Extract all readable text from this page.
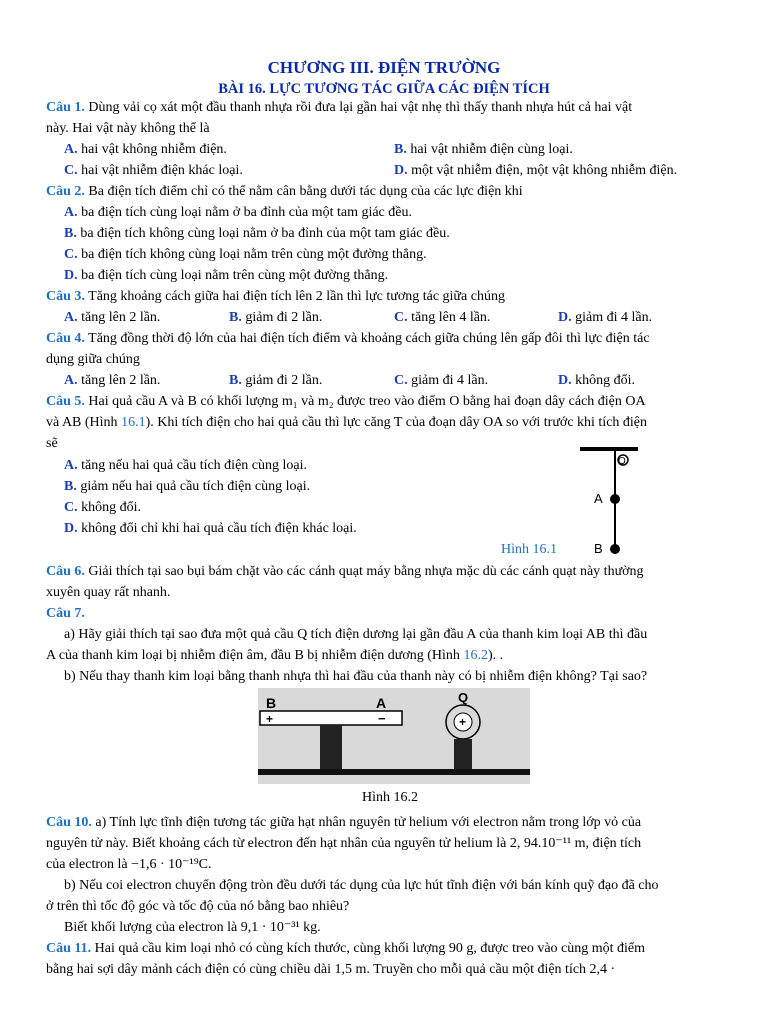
CHƯƠNG III. ĐIỆN TRƯỜNG
BÀI 16. LỰC TƯƠNG TÁC GIỮA CÁC ĐIỆN TÍCH
Câu 1. Dùng vải cọ xát một đầu thanh nhựa rồi đưa lại gần hai vật nhẹ thì thấy thanh nhựa hút cả hai vật
này. Hai vật này không thể là
A. hai vật không nhiễm điện.	B. hai vật nhiễm điện cùng loại.
C. hai vật nhiễm điện khác loại.	D. một vật nhiễm điện, một vật không nhiễm điện.
Câu 2. Ba điện tích điểm chỉ có thể nằm cân bằng dưới tác dụng của các lực điện khi
A. ba điện tích cùng loại nằm ở ba đỉnh của một tam giác đều.
B. ba điện tích không cùng loại nằm ở ba đỉnh của một tam giác đều.
C. ba điện tích không cùng loại nằm trên cùng một đường thẳng.
D. ba điện tích cùng loại nằm trên cùng một đường thẳng.
Câu 3. Tăng khoảng cách giữa hai điện tích lên 2 lần thì lực tương tác giữa chúng
A. tăng lên 2 lần.	B. giảm đi 2 lần.	C. tăng lên 4 lần.	D. giảm đi 4 lần.
Câu 4. Tăng đồng thời độ lớn của hai điện tích điểm và khoảng cách giữa chúng lên gấp đôi thì lực điện tác
dụng giữa chúng
A. tăng lên 2 lần.	B. giảm đi 2 lần.	C. giảm đi 4 lần.	D. không đổi.
Câu 5. Hai quả cầu A và B có khối lượng m₁ và m₂ được treo vào điểm O bằng hai đoạn dây cách điện OA
và AB (Hình 16.1). Khi tích điện cho hai quả cầu thì lực căng T của đoạn dây OA so với trước khi tích điện
sẽ
A. tăng nếu hai quả cầu tích điện cùng loại.
B. giảm nếu hai quả cầu tích điện cùng loại.
C. không đổi.
D. không đổi chỉ khi hai quả cầu tích điện khác loại.
O
A
B
Hình 16.1
Câu 6. Giải thích tại sao bụi bám chặt vào các cánh quạt máy bằng nhựa mặc dù các cánh quạt này thường
xuyên quay rất nhanh.
Câu 7.
a) Hãy giải thích tại sao đưa một quả cầu Q tích điện dương lại gần đầu A của thanh kim loại AB thì đầu
A của thanh kim loại bị nhiễm điện âm, đầu B bị nhiễm điện dương (Hình 16.2). .
b) Nếu thay thanh kim loại bằng thanh nhựa thì hai đầu của thanh này có bị nhiễm điện không? Tại sao?
B	A
+	−
Q
+
Hình 16.2
Câu 10. a) Tính lực tĩnh điện tương tác giữa hạt nhân nguyên tử helium với electron nằm trong lớp vỏ của
nguyên tử này. Biết khoảng cách từ electron đến hạt nhân của nguyên tử helium là 2, 94.10⁻¹¹ m, điện tích
của electron là −1,6 · 10⁻¹⁹C.
b) Nếu coi electron chuyển động tròn đều dưới tác dụng của lực hút tĩnh điện với bán kính quỹ đạo đã cho
ở trên thì tốc độ góc và tốc độ của nó bằng bao nhiêu?
Biết khối lượng của electron là 9,1 · 10⁻³¹ kg.
Câu 11. Hai quả cầu kim loại nhỏ có cùng kích thước, cùng khối lượng 90 g, được treo vào cùng một điểm
bằng hai sợi dây mảnh cách điện có cùng chiều dài 1,5 m. Truyền cho mỗi quả cầu một điện tích 2,4 ·
